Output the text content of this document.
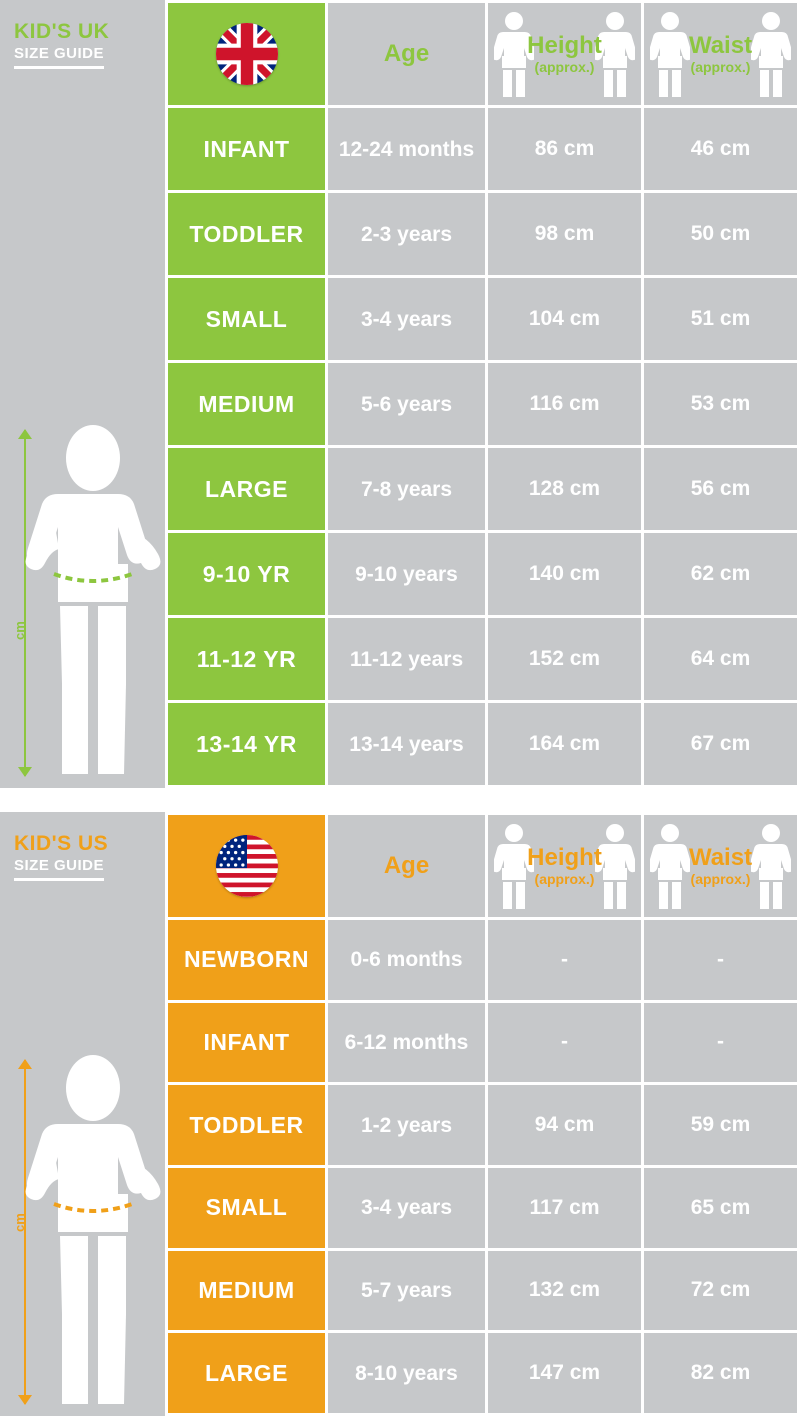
KID'S UK
SIZE GUIDE
cm

Age	Height
(approx.)

Waist
(approx.)

INFANT	12-24 months	86 cm	46 cm
TODDLER	2-3 years	98 cm	50 cm
SMALL	3-4 years	104 cm	51 cm
MEDIUM	5-6 years	116 cm	53 cm
LARGE	7-8 years	128 cm	56 cm
9-10 YR	9-10 years	140 cm	62 cm
11-12 YR	11-12 years	152 cm	64 cm
13-14 YR	13-14 years	164 cm	67 cm
KID'S US
SIZE GUIDE
cm

Age	Height
(approx.)

Waist
(approx.)

NEWBORN	0-6 months	-	-
INFANT	6-12 months	-	-
TODDLER	1-2 years	94 cm	59 cm
SMALL	3-4 years	117 cm	65 cm
MEDIUM	5-7 years	132 cm	72 cm
LARGE	8-10 years	147 cm	82 cm
